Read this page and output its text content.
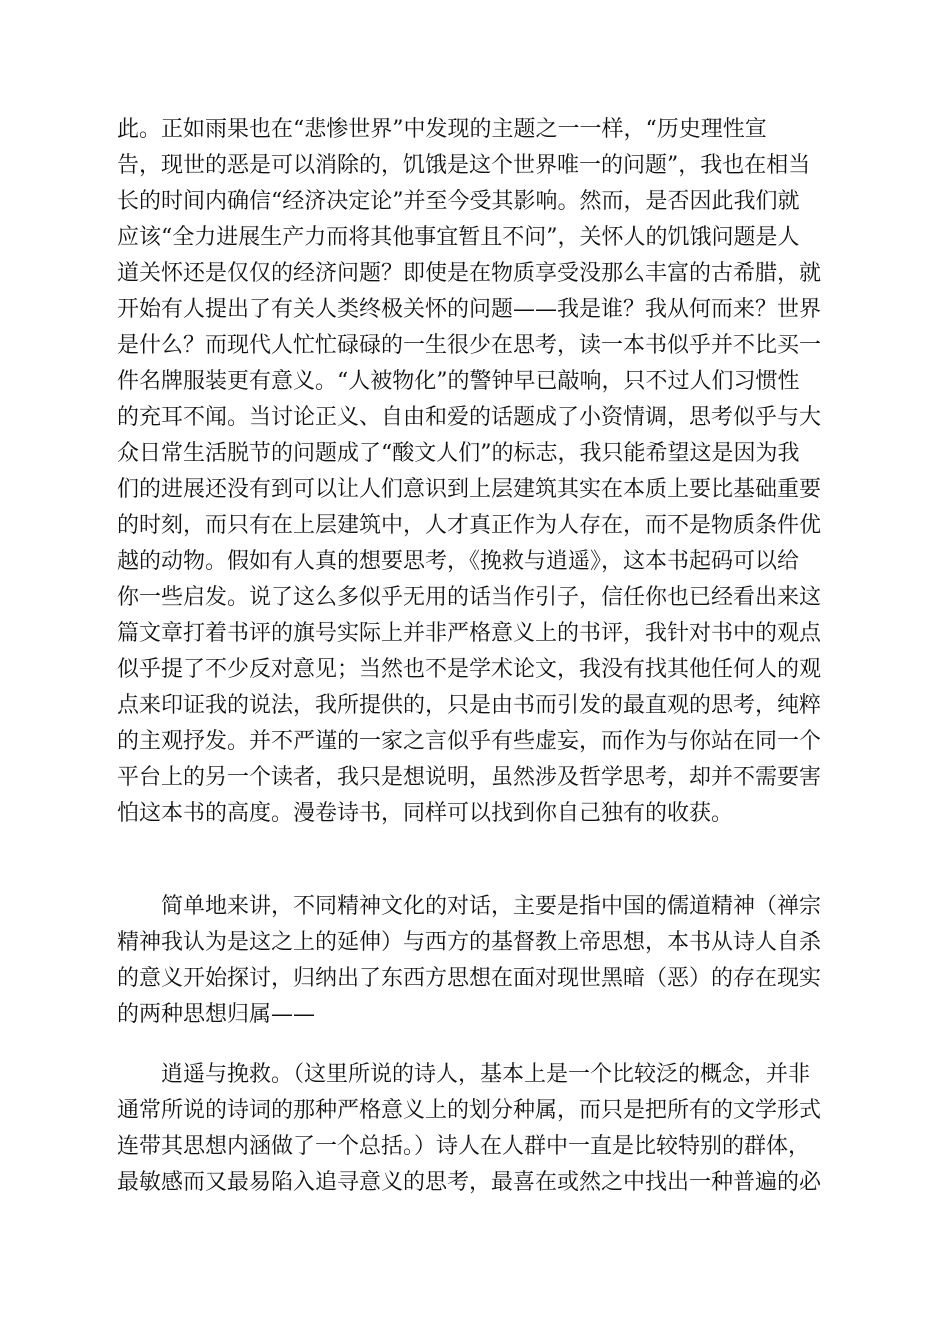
此。正如雨果也在“悲惨世界”中发现的主题之一一样，“历史理性宣
告，现世的恶是可以消除的，饥饿是这个世界唯一的问题”，我也在相当
长的时间内确信“经济决定论”并至今受其影响。然而，是否因此我们就
应该“全力进展生产力而将其他事宜暂且不问”，关怀人的饥饿问题是人
道关怀还是仅仅的经济问题？即使是在物质享受没那么丰富的古希腊，就
开始有人提出了有关人类终极关怀的问题——我是谁？我从何而来？世界
是什么？而现代人忙忙碌碌的一生很少在思考，读一本书似乎并不比买一
件名牌服装更有意义。“人被物化”的警钟早已敲响，只不过人们习惯性
的充耳不闻。当讨论正义、自由和爱的话题成了小资情调，思考似乎与大
众日常生活脱节的问题成了“酸文人们”的标志，我只能希望这是因为我
们的进展还没有到可以让人们意识到上层建筑其实在本质上要比基础重要
的时刻，而只有在上层建筑中，人才真正作为人存在，而不是物质条件优
越的动物。假如有人真的想要思考，《挽救与逍遥》，这本书起码可以给
你一些启发。说了这么多似乎无用的话当作引子，信任你也已经看出来这
篇文章打着书评的旗号实际上并非严格意义上的书评，我针对书中的观点
似乎提了不少反对意见；当然也不是学术论文，我没有找其他任何人的观
点来印证我的说法，我所提供的，只是由书而引发的最直观的思考，纯粹
的主观抒发。并不严谨的一家之言似乎有些虚妄，而作为与你站在同一个
平台上的另一个读者，我只是想说明，虽然涉及哲学思考，却并不需要害
怕这本书的高度。漫卷诗书，同样可以找到你自己独有的收获。
　　简单地来讲，不同精神文化的对话，主要是指中国的儒道精神（禅宗
精神我认为是这之上的延伸）与西方的基督教上帝思想，本书从诗人自杀
的意义开始探讨，归纳出了东西方思想在面对现世黑暗（恶）的存在现实
的两种思想归属——
　　逍遥与挽救。（这里所说的诗人，基本上是一个比较泛的概念，并非
通常所说的诗词的那种严格意义上的划分种属，而只是把所有的文学形式
连带其思想内涵做了一个总括。）诗人在人群中一直是比较特别的群体，
最敏感而又最易陷入追寻意义的思考，最喜在或然之中找出一种普遍的必
